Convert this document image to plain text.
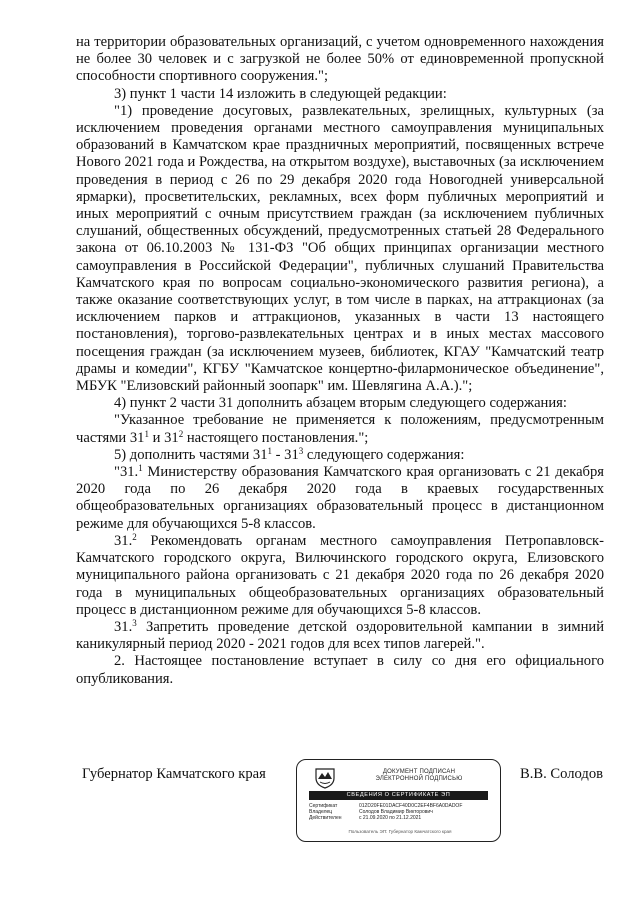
на территории образовательных организаций, с учетом одновременного нахождения не более 30 человек и с загрузкой не более 50% от единовременной пропускной способности спортивного сооружения.";

3) пункт 1 части 14 изложить в следующей редакции:

"1) проведение досуговых, развлекательных, зрелищных, культурных (за исключением проведения органами местного самоуправления муниципальных образований в Камчатском крае праздничных мероприятий, посвященных встрече Нового 2021 года и Рождества, на открытом воздухе), выставочных (за исключением проведения в период с 26 по 29 декабря 2020 года Новогодней универсальной ярмарки), просветительских, рекламных, всех форм публичных мероприятий и иных мероприятий с очным присутствием граждан (за исключением публичных слушаний, общественных обсуждений, предусмотренных статьей 28 Федерального закона от 06.10.2003 № 131-ФЗ "Об общих принципах организации местного самоуправления в Российской Федерации", публичных слушаний Правительства Камчатского края по вопросам социально-экономического развития региона), а также оказание соответствующих услуг, в том числе в парках, на аттракционах (за исключением парков и аттракционов, указанных в части 13 настоящего постановления), торгово-развлекательных центрах и в иных местах массового посещения граждан (за исключением музеев, библиотек, КГАУ "Камчатский театр драмы и комедии", КГБУ "Камчатское концертно-филармоническое объединение", МБУК "Елизовский районный зоопарк" им. Шевлягина А.А.).";

4) пункт 2 части 31 дополнить абзацем вторым следующего содержания:

"Указанное требование не применяется к положениям, предусмотренным частями $31^1$ и $31^2$ настоящего постановления.";

5) дополнить частями $31^1 - 31^3$ следующего содержания:

"31.$^1$ Министерству образования Камчатского края организовать с 21 декабря 2020 года по 26 декабря 2020 года в краевых государственных общеобразовательных организациях образовательный процесс в дистанционном режиме для обучающихся 5-8 классов.

31.$^2$ Рекомендовать органам местного самоуправления Петропавловск-Камчатского городского округа, Вилючинского городского округа, Елизовского муниципального района организовать с 21 декабря 2020 года по 26 декабря 2020 года в муниципальных общеобразовательных организациях образовательный процесс в дистанционном режиме для обучающихся 5-8 классов.

31.$^3$ Запретить проведение детской оздоровительной кампании в зимний каникулярный период 2020 - 2021 годов для всех типов лагерей.".

2. Настоящее постановление вступает в силу со дня его официального опубликования.

Губернатор Камчатского края	В.В. Солодов
ДОКУМЕНТ ПОДПИСАН
ЭЛЕКТРОННОЙ ПОДПИСЬЮ
СВЕДЕНИЯ О СЕРТИФИКАТЕ ЭП
Сертификат	012D20FE01DACF40D0C2EF4BF6A0DADOF
Владелец	Солодов Владимир Викторович
Действителен	с 21.09.2020 по 21.12.2021
Пользователь ЭП: Губернатор Камчатского края
